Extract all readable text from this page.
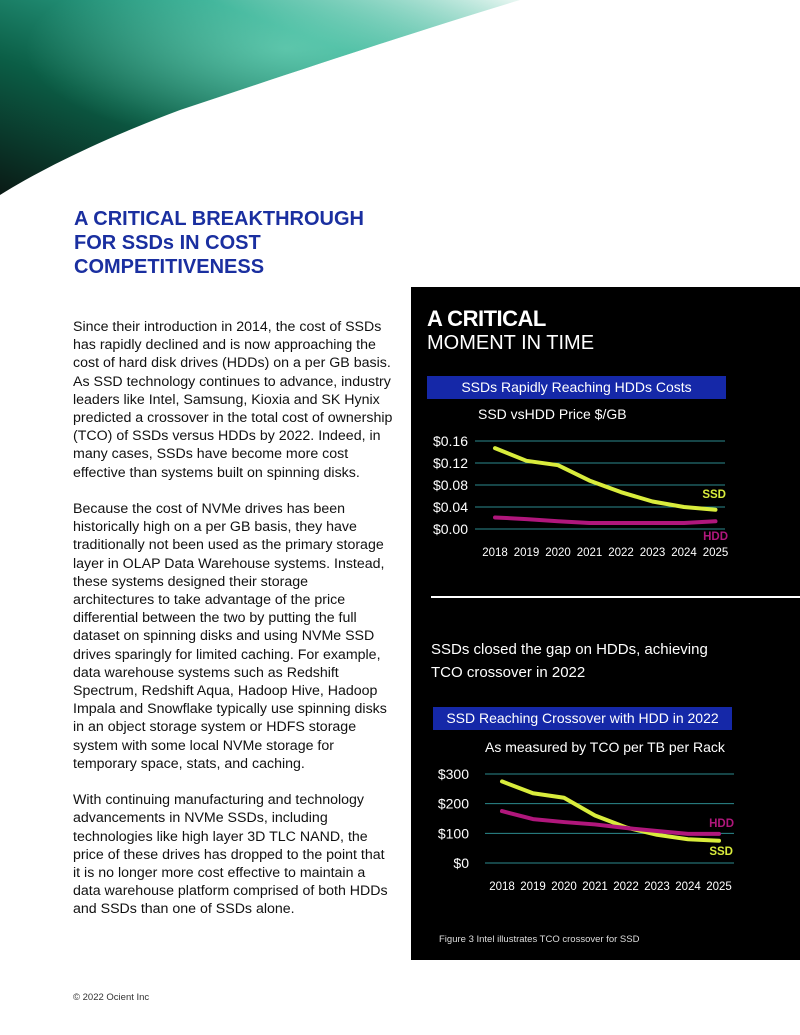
A CRITICAL BREAKTHROUGH
FOR SSDs IN COST
COMPETITIVENESS

Since their introduction in 2014, the cost of SSDs has rapidly declined and is now approaching the cost of hard disk drives (HDDs) on a per GB basis. As SSD technology continues to advance, industry leaders like Intel, Samsung, Kioxia and SK Hynix predicted a crossover in the total cost of ownership (TCO) of SSDs versus HDDs by 2022. Indeed, in many cases, SSDs have become more cost effective than systems built on spinning disks.

Because the cost of NVMe drives has been historically high on a per GB basis, they have traditionally not been used as the primary storage layer in OLAP Data Warehouse systems. Instead, these systems designed their storage architectures to take advantage of the price differential between the two by putting the full dataset on spinning disks and using NVMe SSD drives sparingly for limited caching. For example, data warehouse systems such as Redshift Spectrum, Redshift Aqua, Hadoop Hive, Hadoop Impala and Snowflake typically use spinning disks in an object storage system or HDFS storage system with some local NVMe storage for temporary space, stats, and caching.

With continuing manufacturing and technology advancements in NVMe SSDs, including technologies like high layer 3D TLC NAND, the price of these drives has dropped to the point that it is no longer more cost effective to maintain a data warehouse platform comprised of both HDDs and SSDs than one of SSDs alone.

A CRITICAL
MOMENT IN TIME
SSDs Rapidly Reaching HDDs Costs
SSD vsHDD Price $/GB
$0.16
$0.12
$0.08
$0.04
$0.00
2018 2019 2020 2021 2022 2023 2024 2025
SSD
HDD
SSDs closed the gap on HDDs, achieving TCO crossover in 2022
SSD Reaching Crossover with HDD in 2022
As measured by TCO per TB per Rack
$300
$200
$100
$0
2018 2019 2020 2021 2022 2023 2024 2025
SSD
HDD
Figure 3 Intel illustrates TCO crossover for SSD
© 2022 Ocient Inc
